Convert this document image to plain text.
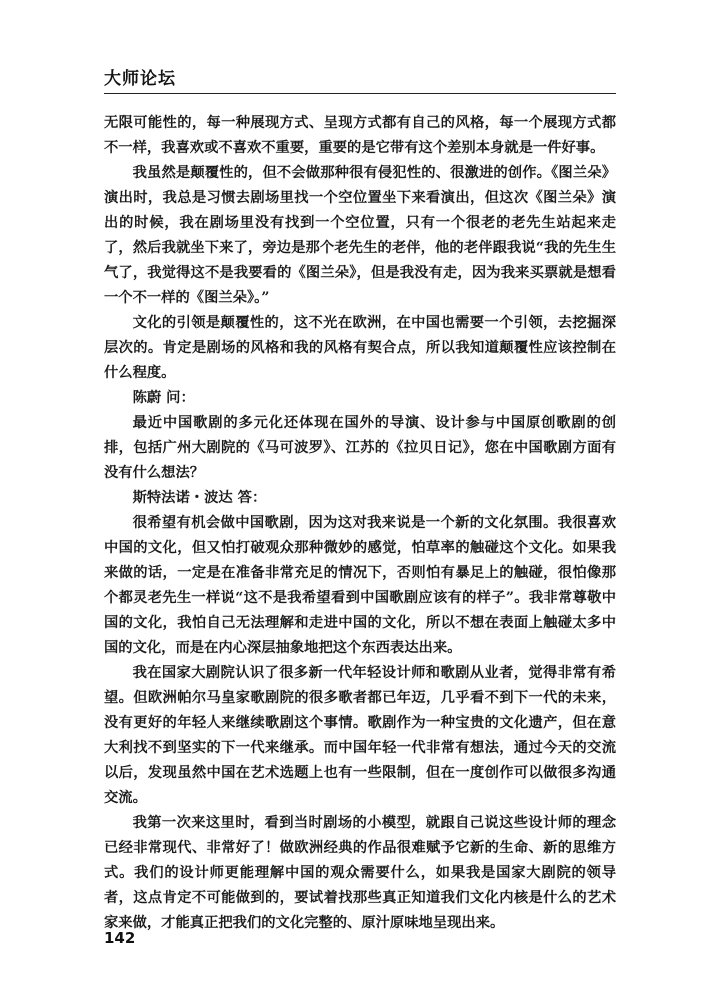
大师论坛

无限可能性的，每一种展现方式、呈现方式都有自己的风格，每一个展现方式都不一样，我喜欢或不喜欢不重要，重要的是它带有这个差别本身就是一件好事。

我虽然是颠覆性的，但不会做那种很有侵犯性的、很激进的创作。《图兰朵》演出时，我总是习惯去剧场里找一个空位置坐下来看演出，但这次《图兰朵》演出的时候，我在剧场里没有找到一个空位置，只有一个很老的老先生站起来走了，然后我就坐下来了，旁边是那个老先生的老伴，他的老伴跟我说“我的先生生气了，我觉得这不是我要看的《图兰朵》，但是我没有走，因为我来买票就是想看一个不一样的《图兰朵》。”

文化的引领是颠覆性的，这不光在欧洲，在中国也需要一个引领，去挖掘深层次的。肯定是剧场的风格和我的风格有契合点，所以我知道颠覆性应该控制在什么程度。

陈蔚 问：

最近中国歌剧的多元化还体现在国外的导演、设计参与中国原创歌剧的创排，包括广州大剧院的《马可波罗》、江苏的《拉贝日记》，您在中国歌剧方面有没有什么想法？

斯特法诺・波达 答：

很希望有机会做中国歌剧，因为这对我来说是一个新的文化氛围。我很喜欢中国的文化，但又怕打破观众那种微妙的感觉，怕草率的触碰这个文化。如果我来做的话，一定是在准备非常充足的情况下，否则怕有暴足上的触碰，很怕像那个都灵老先生一样说“这不是我希望看到中国歌剧应该有的样子”。我非常尊敬中国的文化，我怕自己无法理解和走进中国的文化，所以不想在表面上触碰太多中国的文化，而是在内心深层抽象地把这个东西表达出来。

我在国家大剧院认识了很多新一代年轻设计师和歌剧从业者，觉得非常有希望。但欧洲帕尔马皇家歌剧院的很多歌者都已年迈，几乎看不到下一代的未来，没有更好的年轻人来继续歌剧这个事情。歌剧作为一种宝贵的文化遗产，但在意大利找不到坚实的下一代来继承。而中国年轻一代非常有想法，通过今天的交流以后，发现虽然中国在艺术选题上也有一些限制，但在一度创作可以做很多沟通交流。

我第一次来这里时，看到当时剧场的小模型，就跟自己说这些设计师的理念已经非常现代、非常好了！做欧洲经典的作品很难赋予它新的生命、新的思维方式。我们的设计师更能理解中国的观众需要什么，如果我是国家大剧院的领导者，这点肯定不可能做到的，要试着找那些真正知道我们文化内核是什么的艺术家来做，才能真正把我们的文化完整的、原汁原味地呈现出来。

142
